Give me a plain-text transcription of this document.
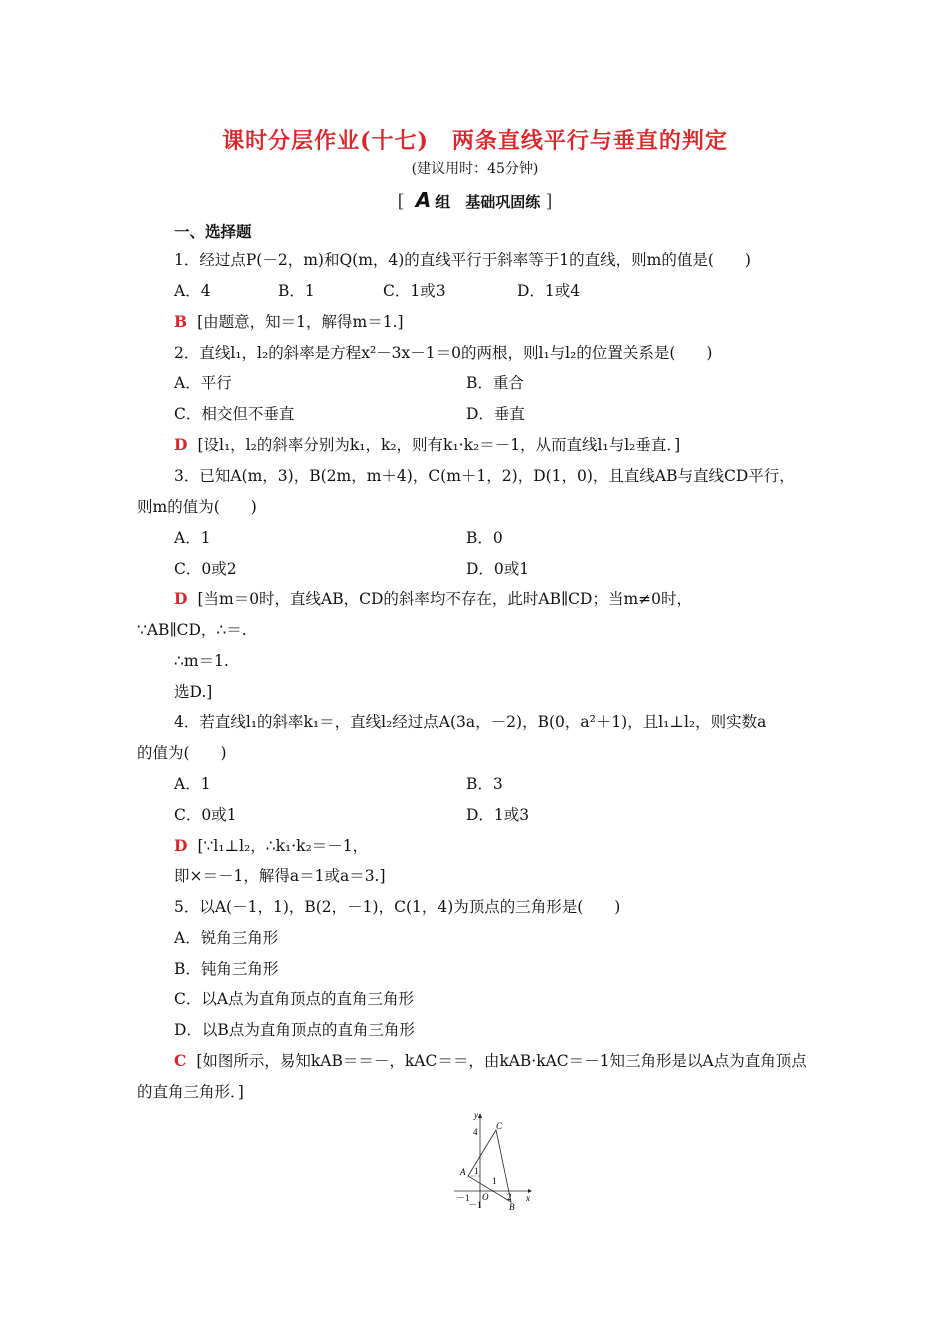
课时分层作业(十七)　两条直线平行与垂直的判定
(建议用时：45分钟)
[ A 组　基础巩固练 ]
一、选择题
1．经过点P(－2，m)和Q(m，4)的直线平行于斜率等于1的直线，则m的值是(　　)
A．4	B．1	C．1或3	D．1或4
B [由题意，知＝1，解得m＝1.]
2．直线l₁，l₂的斜率是方程x²－3x－1＝0的两根，则l₁与l₂的位置关系是(　　)
A．平行	B．重合
C．相交但不垂直	D．垂直
D [设l₁，l₂的斜率分别为k₁，k₂，则有k₁·k₂＝－1，从而直线l₁与l₂垂直．]
3．已知A(m，3)，B(2m，m＋4)，C(m＋1，2)，D(1，0)，且直线AB与直线CD平行，
则m的值为(　　)
A．1	B．0
C．0或2	D．0或1
D [当m＝0时，直线AB，CD的斜率均不存在，此时AB∥CD；当m≠0时，
∵AB∥CD，∴＝.
∴m＝1.
选D.]
4．若直线l₁的斜率k₁＝，直线l₂经过点A(3a，－2)，B(0，a²＋1)，且l₁⊥l₂，则实数a
的值为(　　)
A．1	B．3
C．0或1	D．1或3
D [∵l₁⊥l₂，∴k₁·k₂＝－1，
即×＝－1，解得a＝1或a＝3.]
5．以A(－1，1)，B(2，－1)，C(1，4)为顶点的三角形是(　　)
A．锐角三角形
B．钝角三角形
C．以A点为直角顶点的直角三角形
D．以B点为直角顶点的直角三角形
C [如图所示，易知kAB＝＝－，kAC＝＝，由kAB·kAC＝－1知三角形是以A点为直角顶点
的直角三角形．]
y
x
C
A
B
O
4
1
1
－1	2
－1
